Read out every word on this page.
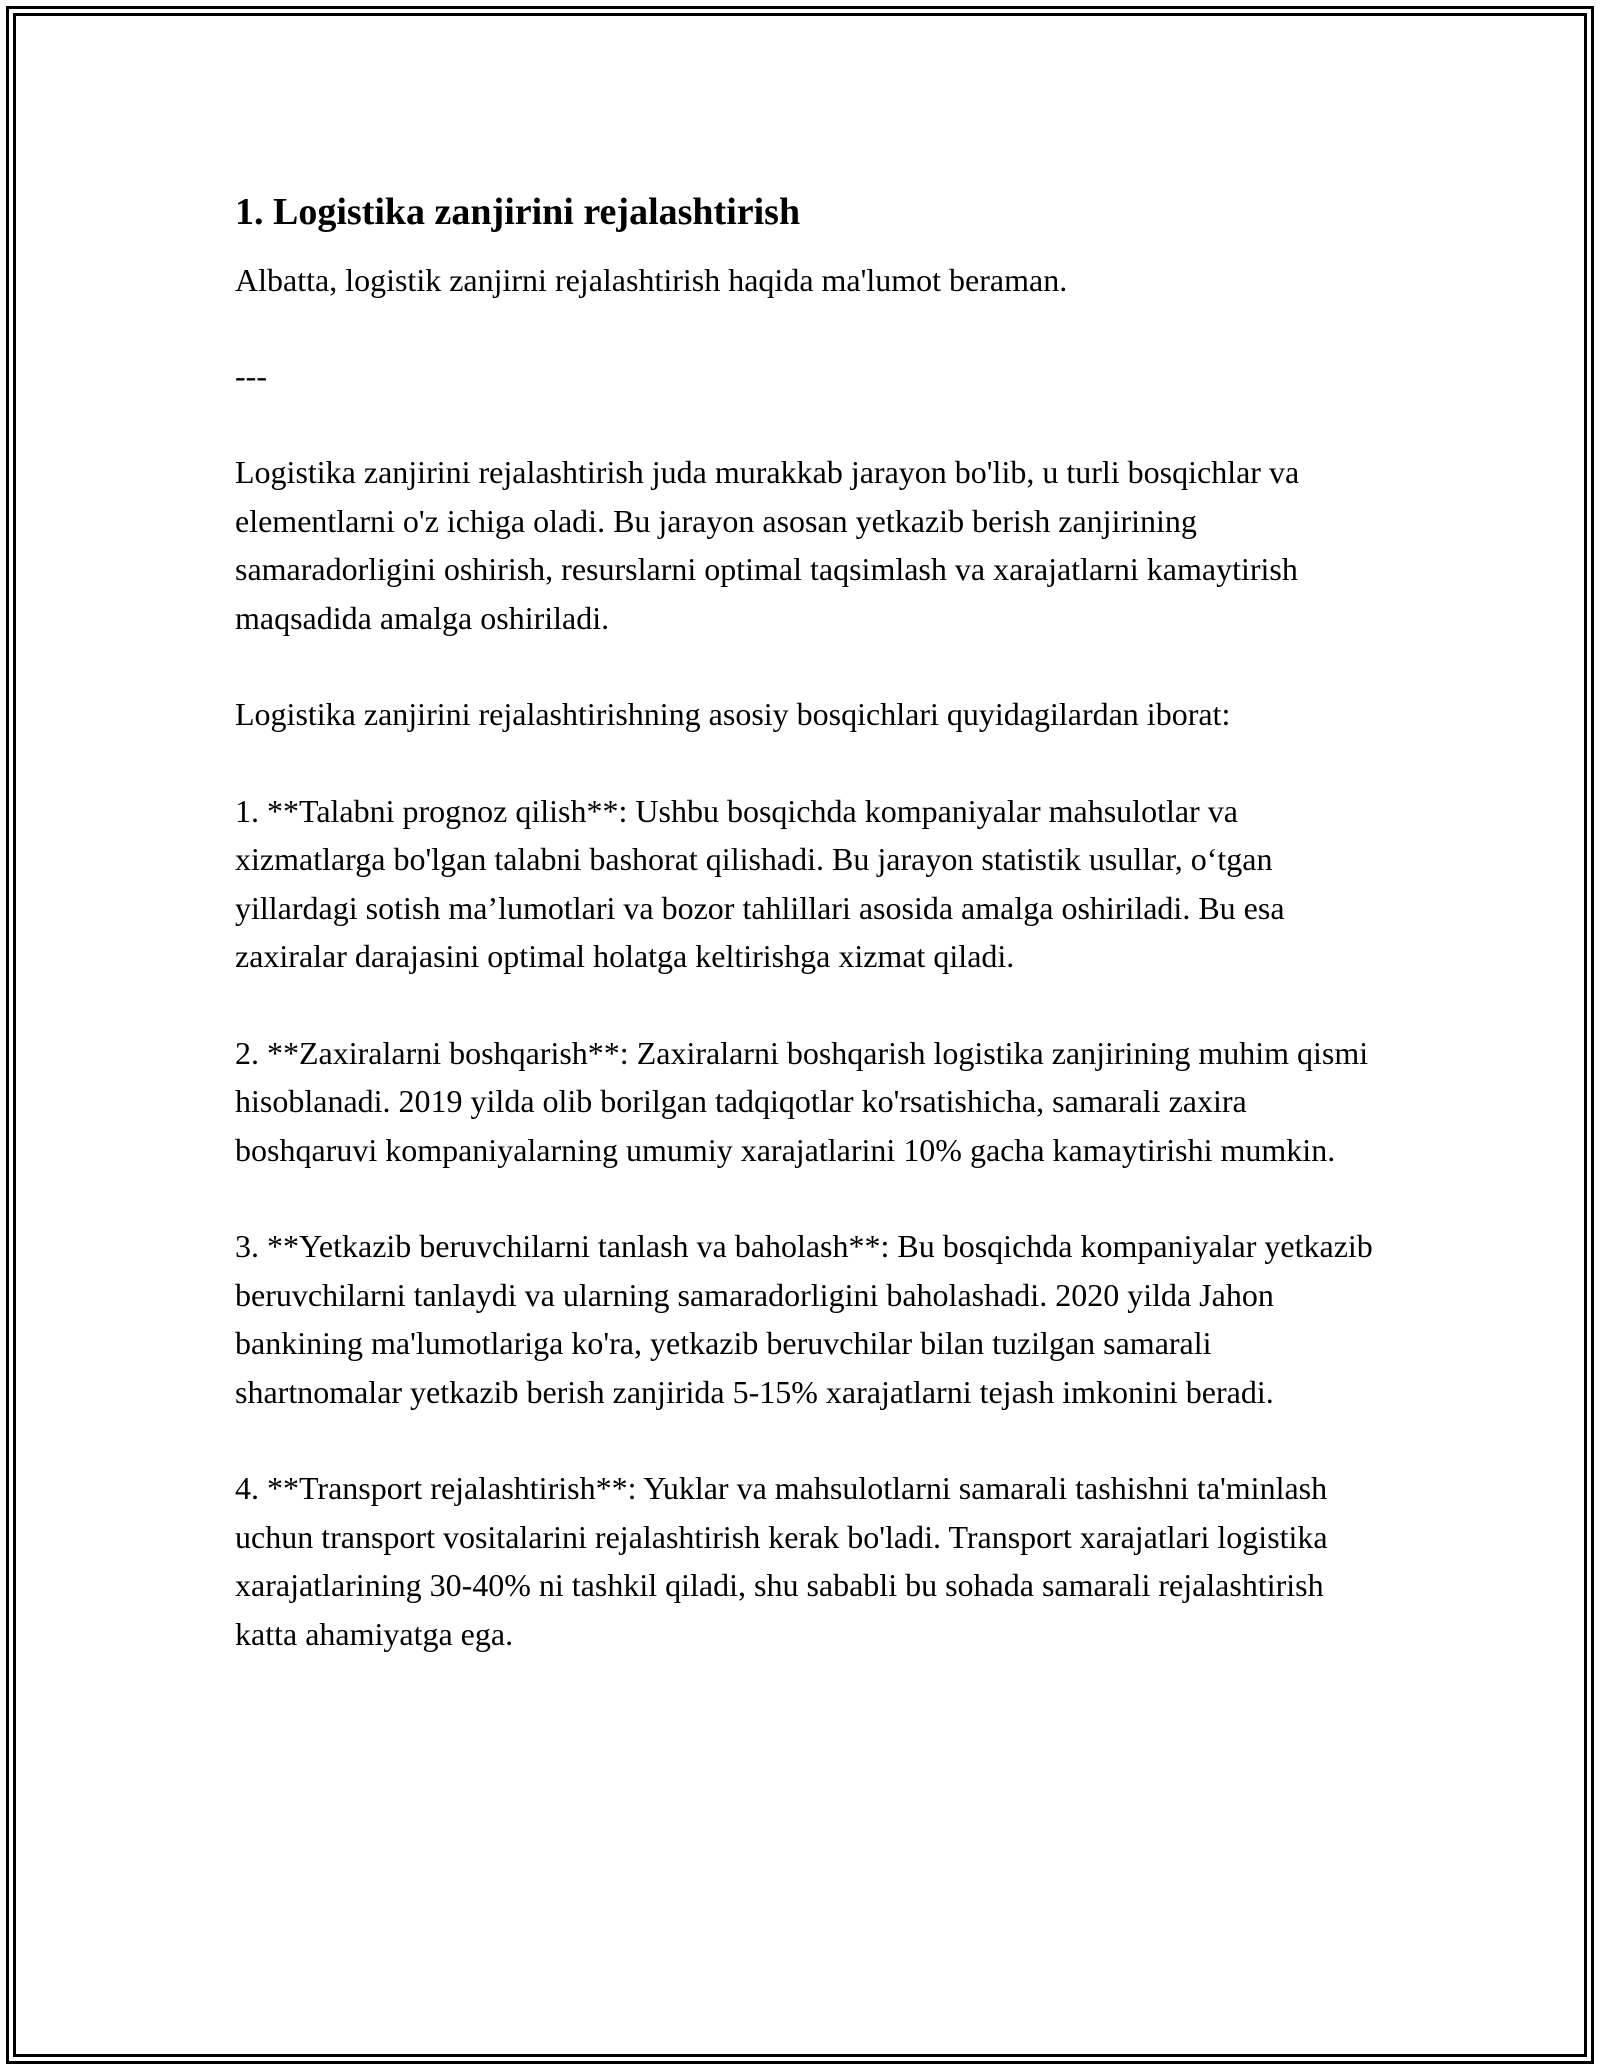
1. Logistika zanjirini rejalashtirish

Albatta, logistik zanjirni rejalashtirish haqida ma'lumot beraman.

---

Logistika zanjirini rejalashtirish juda murakkab jarayon bo'lib, u turli bosqichlar va elementlarni o'z ichiga oladi. Bu jarayon asosan yetkazib berish zanjirining samaradorligini oshirish, resurslarni optimal taqsimlash va xarajatlarni kamaytirish maqsadida amalga oshiriladi.

Logistika zanjirini rejalashtirishning asosiy bosqichlari quyidagilardan iborat:

1. **Talabni prognoz qilish**: Ushbu bosqichda kompaniyalar mahsulotlar va xizmatlarga bo'lgan talabni bashorat qilishadi. Bu jarayon statistik usullar, o‘tgan yillardagi sotish ma’lumotlari va bozor tahlillari asosida amalga oshiriladi. Bu esa zaxiralar darajasini optimal holatga keltirishga xizmat qiladi.

2. **Zaxiralarni boshqarish**: Zaxiralarni boshqarish logistika zanjirining muhim qismi hisoblanadi. 2019 yilda olib borilgan tadqiqotlar ko'rsatishicha, samarali zaxira boshqaruvi kompaniyalarning umumiy xarajatlarini 10% gacha kamaytirishi mumkin.

3. **Yetkazib beruvchilarni tanlash va baholash**: Bu bosqichda kompaniyalar yetkazib beruvchilarni tanlaydi va ularning samaradorligini baholashadi. 2020 yilda Jahon bankining ma'lumotlariga ko'ra, yetkazib beruvchilar bilan tuzilgan samarali shartnomalar yetkazib berish zanjirida 5-15% xarajatlarni tejash imkonini beradi.

4. **Transport rejalashtirish**: Yuklar va mahsulotlarni samarali tashishni ta'minlash uchun transport vositalarini rejalashtirish kerak bo'ladi. Transport xarajatlari logistika xarajatlarining 30-40% ni tashkil qiladi, shu sababli bu sohada samarali rejalashtirish katta ahamiyatga ega.
